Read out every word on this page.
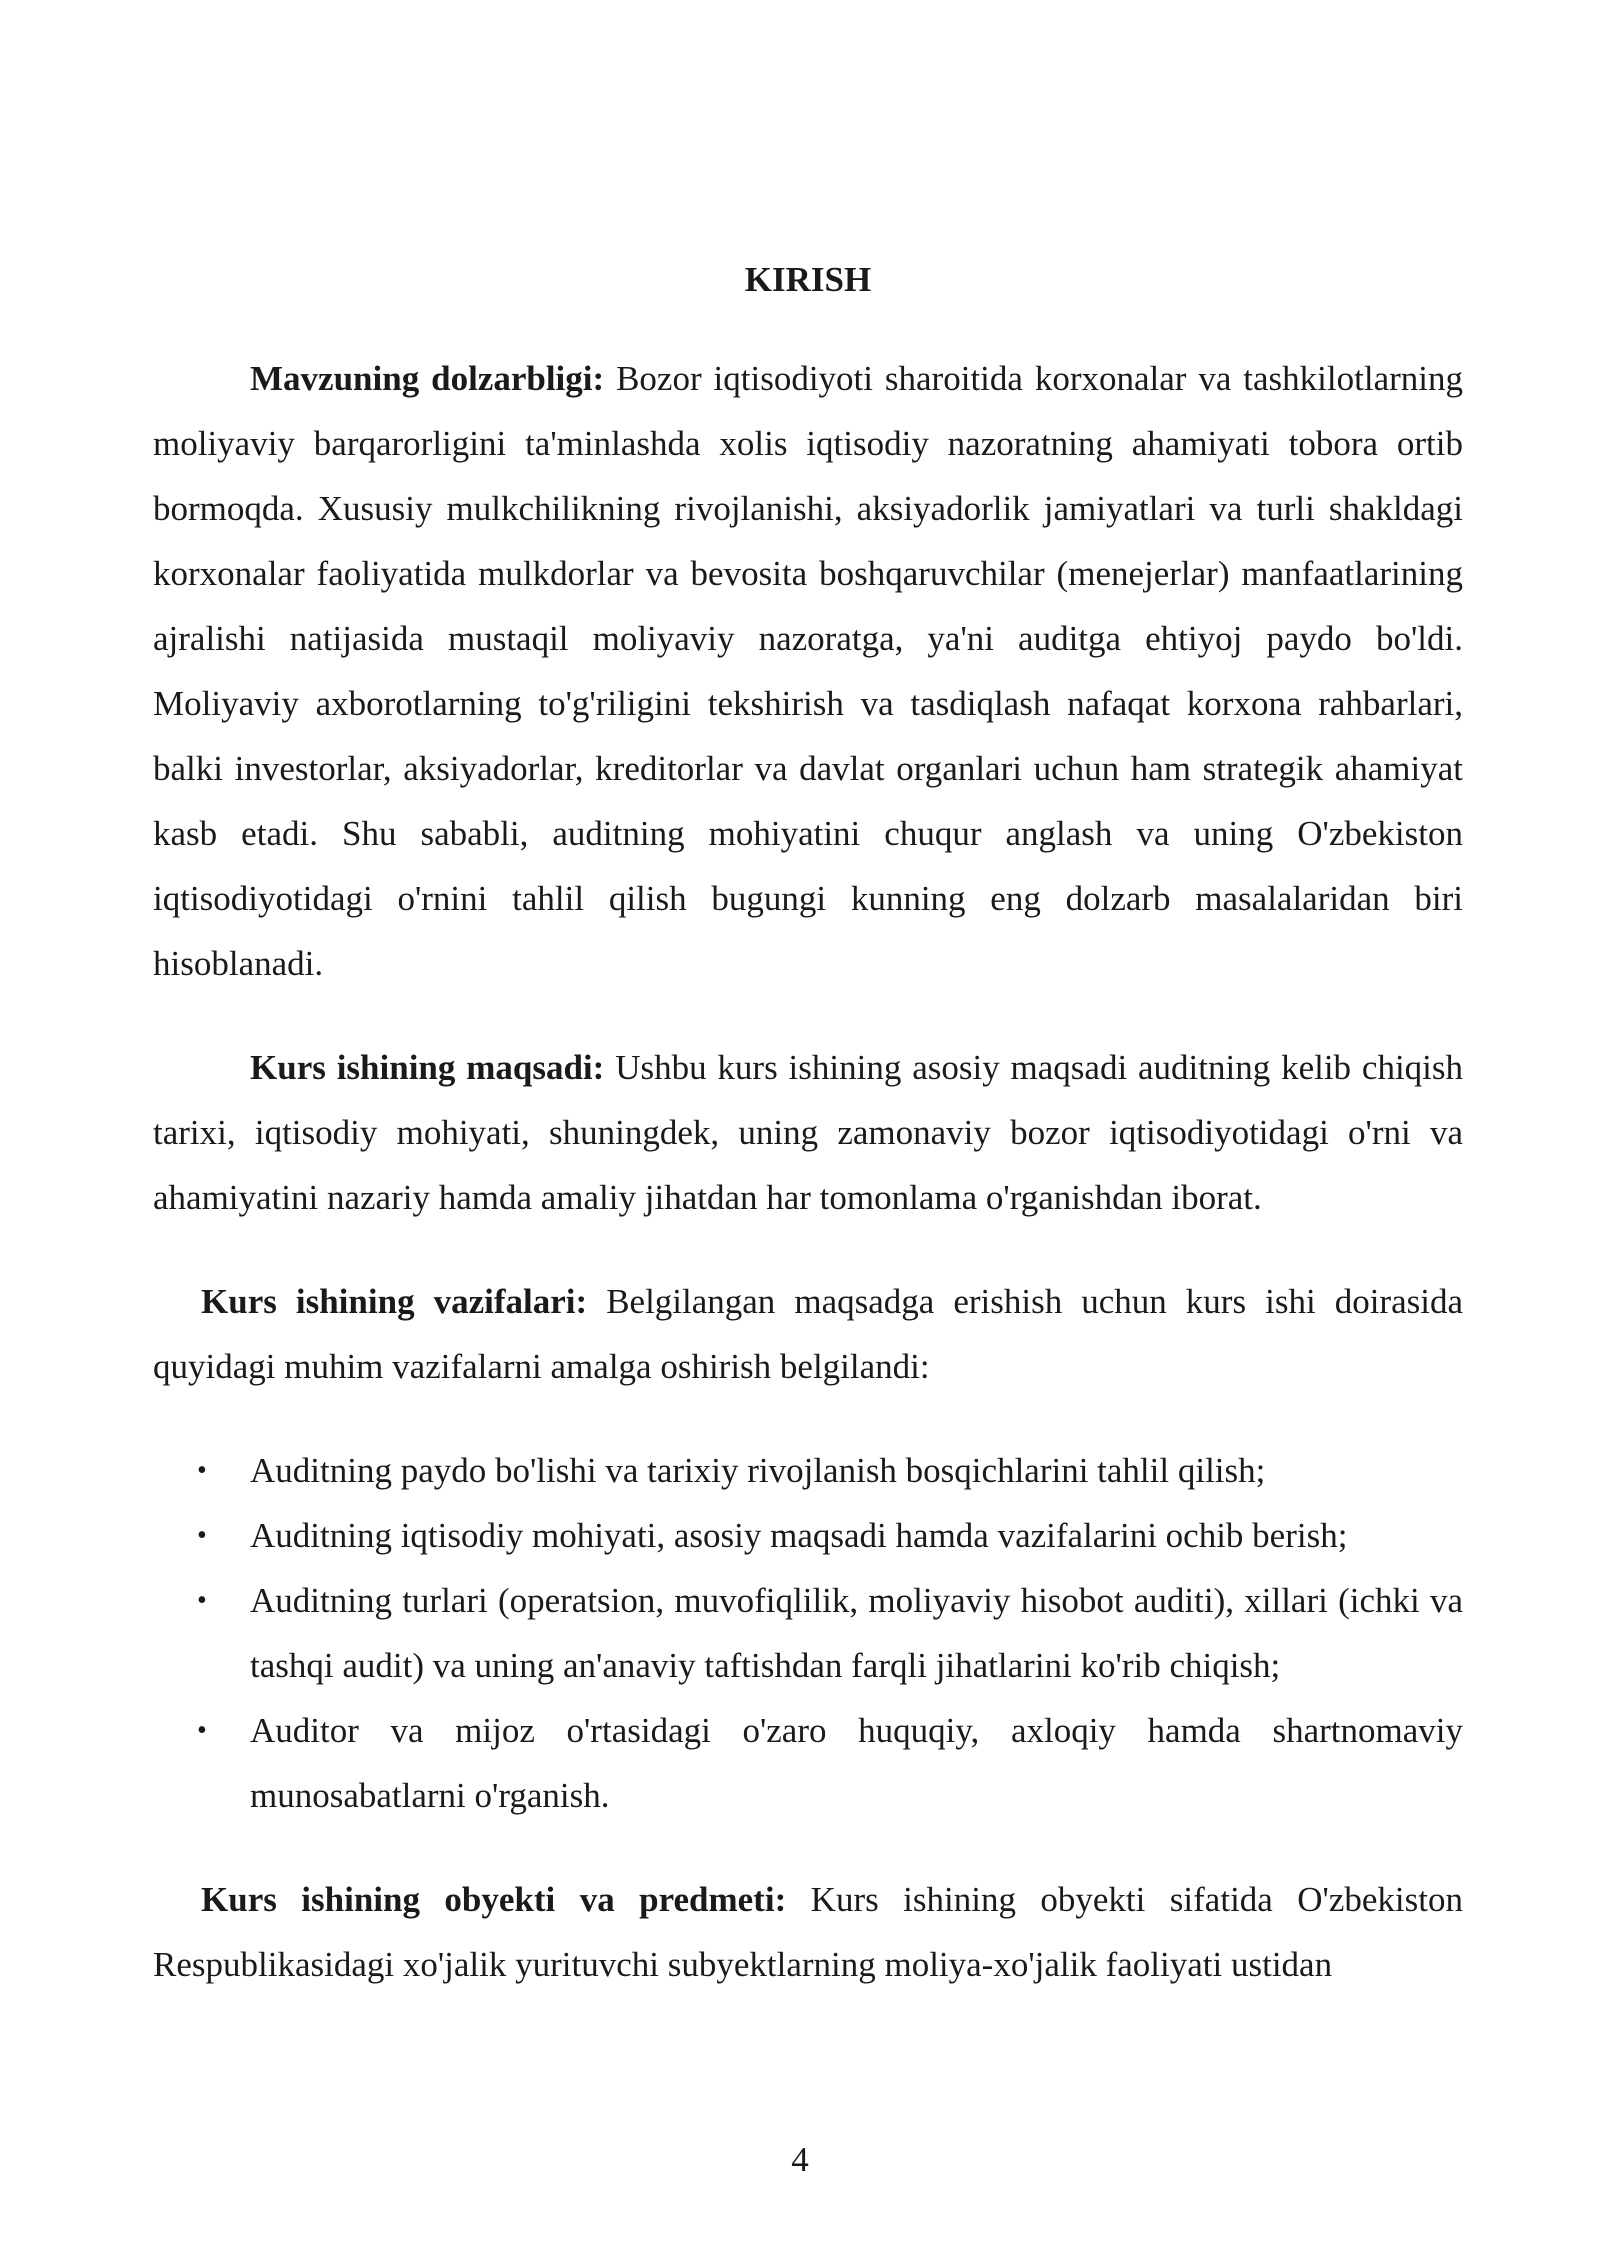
KIRISH

Mavzuning dolzarbligi: Bozor iqtisodiyoti sharoitida korxonalar va tashkilotlarning moliyaviy barqarorligini ta'minlashda xolis iqtisodiy nazoratning ahamiyati tobora ortib bormoqda. Xususiy mulkchilikning rivojlanishi, aksiyadorlik jamiyatlari va turli shakldagi korxonalar faoliyatida mulkdorlar va bevosita boshqaruvchilar (menejerlar) manfaatlarining ajralishi natijasida mustaqil moliyaviy nazoratga, ya'ni auditga ehtiyoj paydo bo'ldi. Moliyaviy axborotlarning to'g'riligini tekshirish va tasdiqlash nafaqat korxona rahbarlari, balki investorlar, aksiyadorlar, kreditorlar va davlat organlari uchun ham strategik ahamiyat kasb etadi. Shu sababli, auditning mohiyatini chuqur anglash va uning O'zbekiston iqtisodiyotidagi o'rnini tahlil qilish bugungi kunning eng dolzarb masalalaridan biri hisoblanadi.

Kurs ishining maqsadi: Ushbu kurs ishining asosiy maqsadi auditning kelib chiqish tarixi, iqtisodiy mohiyati, shuningdek, uning zamonaviy bozor iqtisodiyotidagi o'rni va ahamiyatini nazariy hamda amaliy jihatdan har tomonlama o'rganishdan iborat.

Kurs ishining vazifalari: Belgilangan maqsadga erishish uchun kurs ishi doirasida quyidagi muhim vazifalarni amalga oshirish belgilandi:

• Auditning paydo bo'lishi va tarixiy rivojlanish bosqichlarini tahlil qilish;
• Auditning iqtisodiy mohiyati, asosiy maqsadi hamda vazifalarini ochib berish;
• Auditning turlari (operatsion, muvofiqlilik, moliyaviy hisobot auditi), xillari (ichki va tashqi audit) va uning an'anaviy taftishdan farqli jihatlarini ko'rib chiqish;
• Auditor va mijoz o'rtasidagi o'zaro huquqiy, axloqiy hamda shartnomaviy munosabatlarni o'rganish.

Kurs ishining obyekti va predmeti: Kurs ishining obyekti sifatida O'zbekiston Respublikasidagi xo'jalik yurituvchi subyektlarning moliya-xo'jalik faoliyati ustidan

4
